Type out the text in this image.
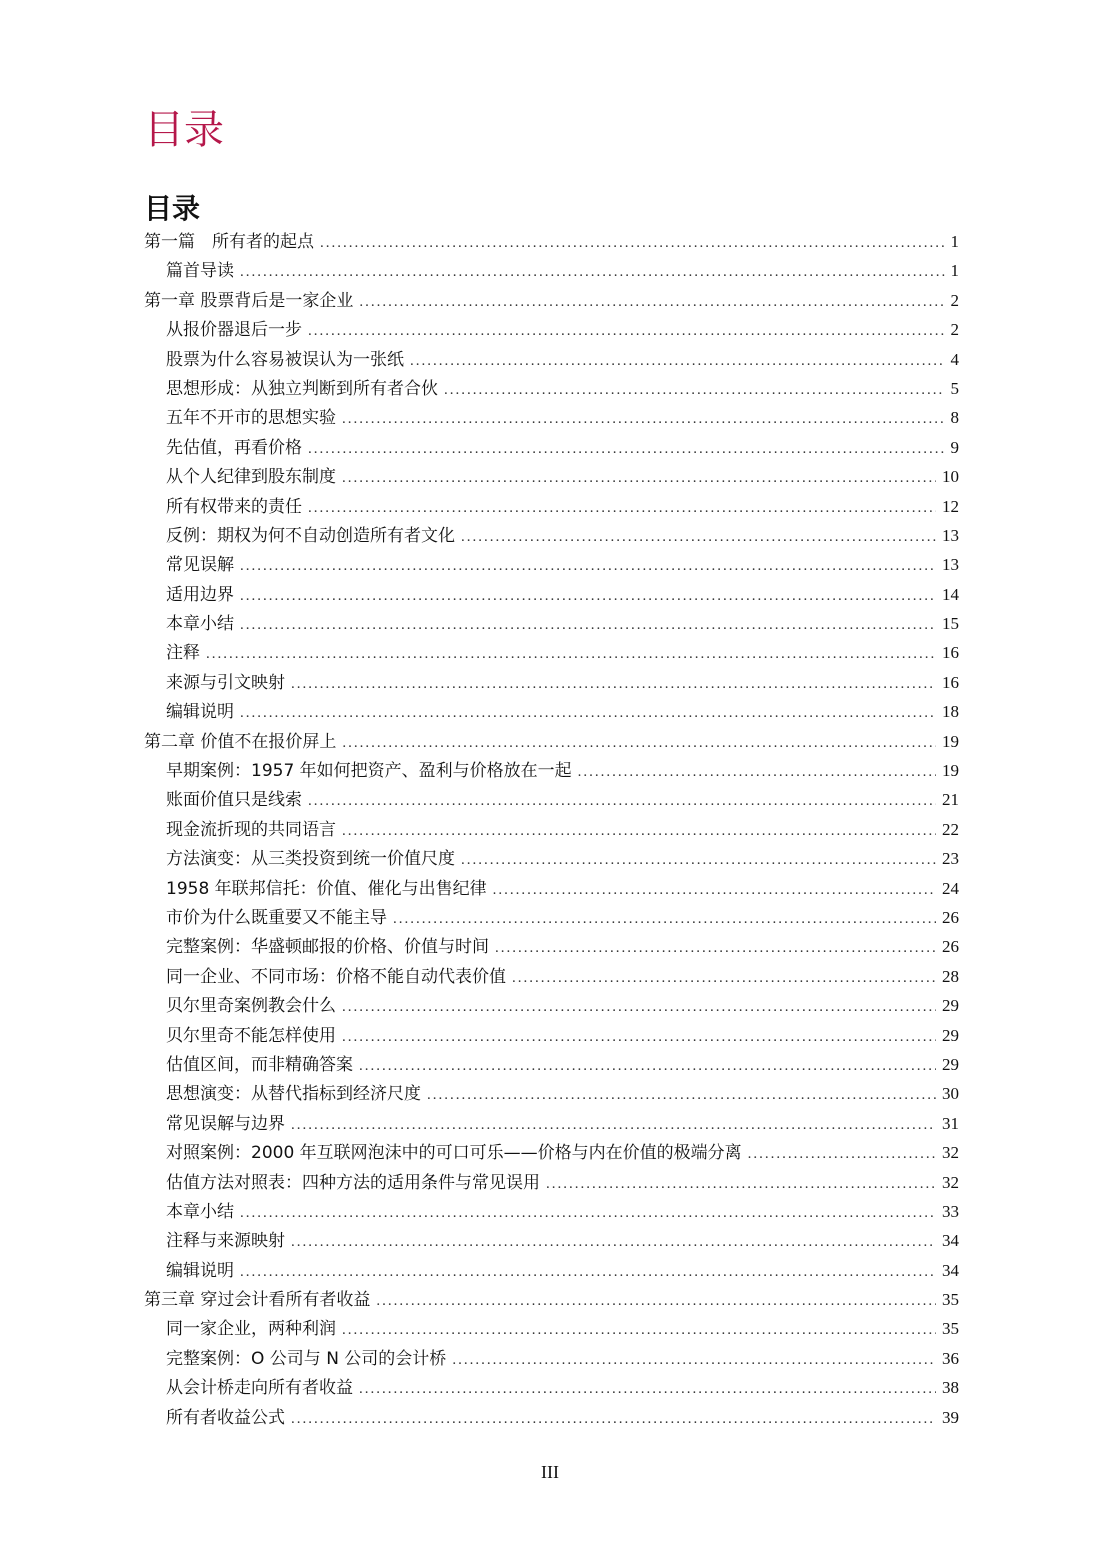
目录
目录
第一篇　所有者的起点 .....	1
篇首导读 .....	1
第一章 股票背后是一家企业 .....	2
从报价器退后一步 .....	2
股票为什么容易被误认为一张纸 .....	4
思想形成：从独立判断到所有者合伙 .....	5
五年不开市的思想实验 .....	8
先估值，再看价格 .....	9
从个人纪律到股东制度 .....	10
所有权带来的责任 .....	12
反例：期权为何不自动创造所有者文化 .....	13
常见误解 .....	13
适用边界 .....	14
本章小结 .....	15
注释 .....	16
来源与引文映射 .....	16
编辑说明 .....	18
第二章 价值不在报价屏上 .....	19
早期案例：1957 年如何把资产、盈利与价格放在一起 .....	19
账面价值只是线索 .....	21
现金流折现的共同语言 .....	22
方法演变：从三类投资到统一价值尺度 .....	23
1958 年联邦信托：价值、催化与出售纪律 .....	24
市价为什么既重要又不能主导 .....	26
完整案例：华盛顿邮报的价格、价值与时间 .....	26
同一企业、不同市场：价格不能自动代表价值 .....	28
贝尔里奇案例教会什么 .....	29
贝尔里奇不能怎样使用 .....	29
估值区间，而非精确答案 .....	29
思想演变：从替代指标到经济尺度 .....	30
常见误解与边界 .....	31
对照案例：2000 年互联网泡沫中的可口可乐——价格与内在价值的极端分离 .....	32
估值方法对照表：四种方法的适用条件与常见误用 .....	32
本章小结 .....	33
注释与来源映射 .....	34
编辑说明 .....	34
第三章 穿过会计看所有者收益 .....	35
同一家企业，两种利润 .....	35
完整案例：O 公司与 N 公司的会计桥 .....	36
从会计桥走向所有者收益 .....	38
所有者收益公式 .....	39
III
